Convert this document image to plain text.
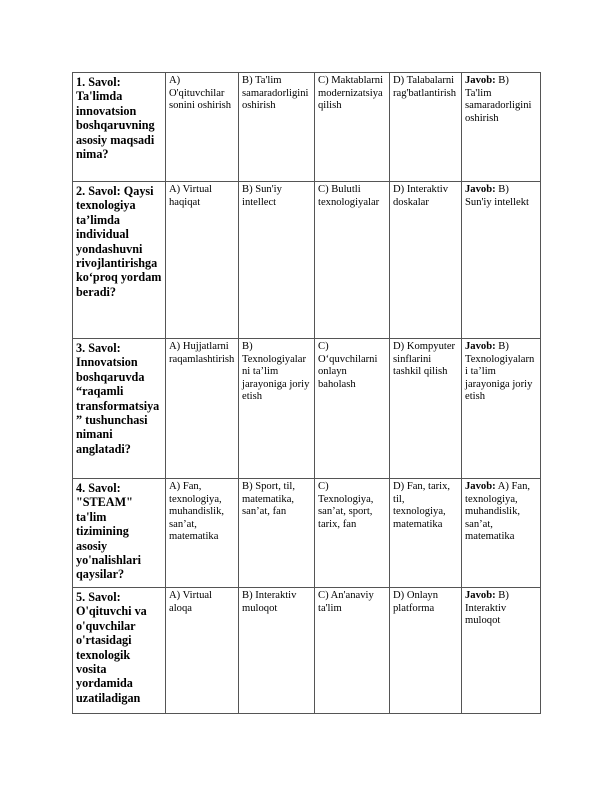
1. Savol: Ta'limda innovatsion boshqaruvning asosiy maqsadi nima?	A) O'qituvchilar sonini oshirish	B) Ta'lim samaradorligini oshirish	C) Maktablarni modernizatsiya qilish	D) Talabalarni rag'batlantirish	Javob: B) Ta'lim samaradorligini oshirish
2. Savol: Qaysi texnologiya ta’limda individual yondashuvni rivojlantirishga ko‘proq yordam beradi?	A) Virtual haqiqat	B) Sun'iy intellect	C) Bulutli texnologiyalar	D) Interaktiv doskalar	Javob: B) Sun'iy intellekt
3. Savol: Innovatsion boshqaruvda “raqamli transformatsiya” tushunchasi nimani anglatadi?	A) Hujjatlarni raqamlashtirish	B) Texnologiyalarni ta’lim jarayoniga joriy etish	C) O‘quvchilarni onlayn baholash	D) Kompyuter sinflarini tashkil qilish	Javob: B) Texnologiyalarni ta’lim jarayoniga joriy etish
4. Savol: "STEAM" ta'lim tizimining asosiy yo'nalishlari qaysilar?	A) Fan, texnologiya, muhandislik, san’at, matematika	B) Sport, til, matematika, san’at, fan	C) Texnologiya, san’at, sport, tarix, fan	D) Fan, tarix, til, texnologiya, matematika	Javob: A) Fan, texnologiya, muhandislik, san’at, matematika
5. Savol: O'qituvchi va o'quvchilar o'rtasidagi texnologik vosita yordamida uzatiladigan	A) Virtual aloqa	B) Interaktiv muloqot	C) An'anaviy ta'lim	D) Onlayn platforma	Javob: B) Interaktiv muloqot
